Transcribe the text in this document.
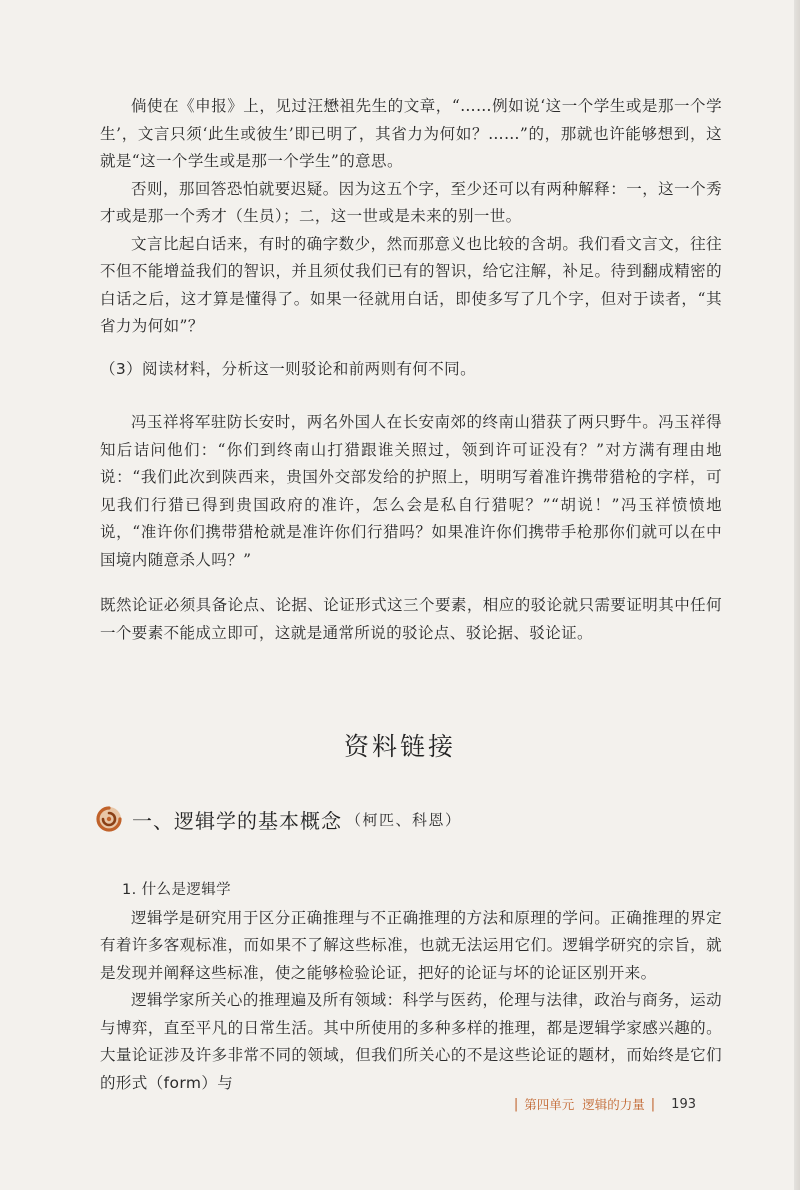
倘使在《申报》上，见过汪懋祖先生的文章，“……例如说‘这一个学生或是那一个学生’，文言只须‘此生或彼生’即已明了，其省力为何如？……”的，那就也许能够想到，这就是“这一个学生或是那一个学生”的意思。

否则，那回答恐怕就要迟疑。因为这五个字，至少还可以有两种解释：一，这一个秀才或是那一个秀才（生员）；二，这一世或是未来的别一世。

文言比起白话来，有时的确字数少，然而那意义也比较的含胡。我们看文言文，往往不但不能增益我们的智识，并且须仗我们已有的智识，给它注解，补足。待到翻成精密的白话之后，这才算是懂得了。如果一径就用白话，即使多写了几个字，但对于读者，“其省力为何如”？

（3）阅读材料，分析这一则驳论和前两则有何不同。

冯玉祥将军驻防长安时，两名外国人在长安南郊的终南山猎获了两只野牛。冯玉祥得知后诘问他们：“你们到终南山打猎跟谁关照过，领到许可证没有？”对方满有理由地说：“我们此次到陕西来，贵国外交部发给的护照上，明明写着准许携带猎枪的字样，可见我们行猎已得到贵国政府的准许，怎么会是私自行猎呢？”“胡说！”冯玉祥愤愤地说，“准许你们携带猎枪就是准许你们行猎吗？如果准许你们携带手枪那你们就可以在中国境内随意杀人吗？”

既然论证必须具备论点、论据、论证形式这三个要素，相应的驳论就只需要证明其中任何一个要素不能成立即可，这就是通常所说的驳论点、驳论据、驳论证。

资料链接
一、逻辑学的基本概念 （柯匹、科恩）

1. 什么是逻辑学

逻辑学是研究用于区分正确推理与不正确推理的方法和原理的学问。正确推理的界定有着许多客观标准，而如果不了解这些标准，也就无法运用它们。逻辑学研究的宗旨，就是发现并阐释这些标准，使之能够检验论证，把好的论证与坏的论证区别开来。

逻辑学家所关心的推理遍及所有领域：科学与医药，伦理与法律，政治与商务，运动与博弈，直至平凡的日常生活。其中所使用的多种多样的推理，都是逻辑学家感兴趣的。大量论证涉及许多非常不同的领域，但我们所关心的不是这些论证的题材，而始终是它们的形式（form）与

| 第四单元 逻辑的力量 | 193
